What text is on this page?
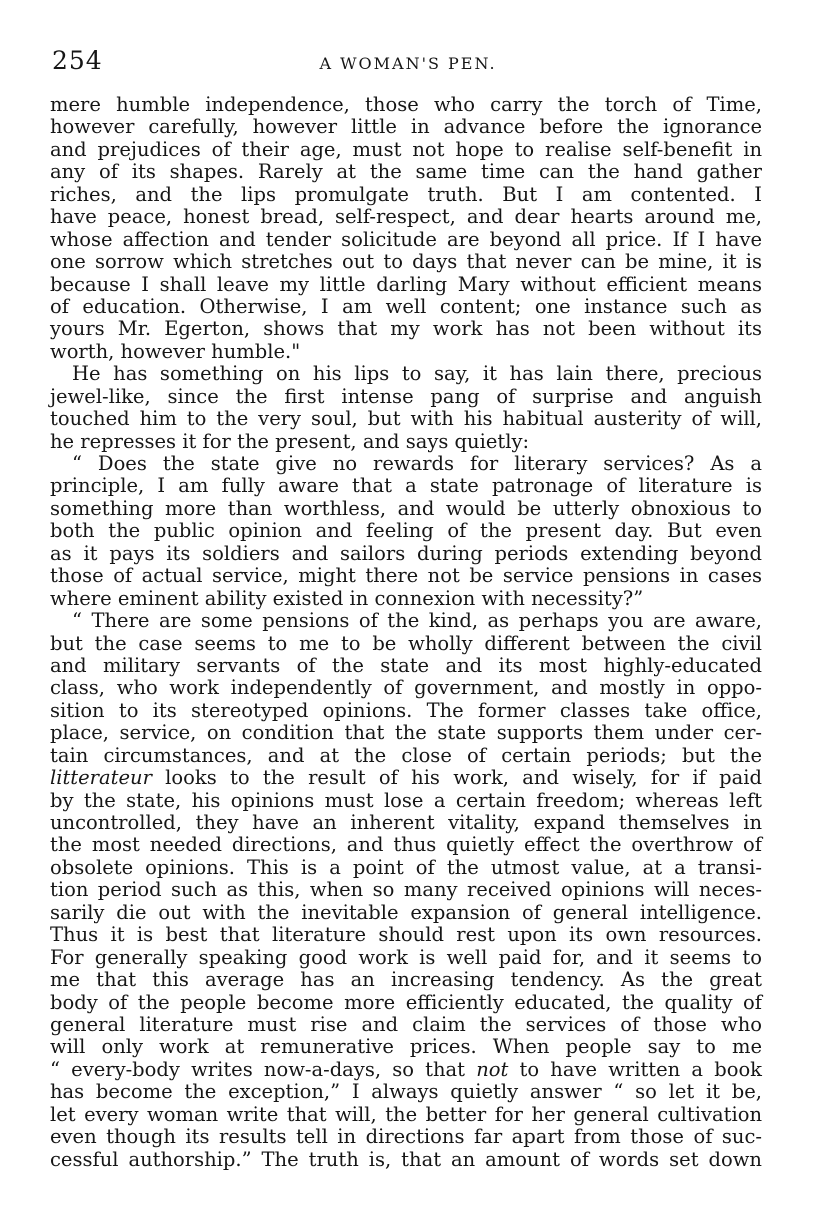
254	A WOMAN'S PEN.
mere humble independence, those who carry the torch of Time,
however carefully, however little in advance before the ignorance
and prejudices of their age, must not hope to realise self-benefit in
any of its shapes. Rarely at the same time can the hand gather
riches, and the lips promulgate truth. But I am contented. I
have peace, honest bread, self-respect, and dear hearts around me,
whose affection and tender solicitude are beyond all price. If I have
one sorrow which stretches out to days that never can be mine, it is
because I shall leave my little darling Mary without efficient means
of education. Otherwise, I am well content; one instance such as
yours Mr. Egerton, shows that my work has not been without its
worth, however humble."
He has something on his lips to say, it has lain there, precious
jewel-like, since the first intense pang of surprise and anguish
touched him to the very soul, but with his habitual austerity of will,
he represses it for the present, and says quietly:
“ Does the state give no rewards for literary services? As a
principle, I am fully aware that a state patronage of literature is
something more than worthless, and would be utterly obnoxious to
both the public opinion and feeling of the present day. But even
as it pays its soldiers and sailors during periods extending beyond
those of actual service, might there not be service pensions in cases
where eminent ability existed in connexion with necessity?”
“ There are some pensions of the kind, as perhaps you are aware,
but the case seems to me to be wholly different between the civil
and military servants of the state and its most highly-educated
class, who work independently of government, and mostly in oppo-
sition to its stereotyped opinions. The former classes take office,
place, service, on condition that the state supports them under cer-
tain circumstances, and at the close of certain periods; but the
litterateur looks to the result of his work, and wisely, for if paid
by the state, his opinions must lose a certain freedom; whereas left
uncontrolled, they have an inherent vitality, expand themselves in
the most needed directions, and thus quietly effect the overthrow of
obsolete opinions. This is a point of the utmost value, at a transi-
tion period such as this, when so many received opinions will neces-
sarily die out with the inevitable expansion of general intelligence.
Thus it is best that literature should rest upon its own resources.
For generally speaking good work is well paid for, and it seems to
me that this average has an increasing tendency. As the great
body of the people become more efficiently educated, the quality of
general literature must rise and claim the services of those who
will only work at remunerative prices. When people say to me
“ every-body writes now-a-days, so that not to have written a book
has become the exception,” I always quietly answer “ so let it be,
let every woman write that will, the better for her general cultivation
even though its results tell in directions far apart from those of suc-
cessful authorship.” The truth is, that an amount of words set down
